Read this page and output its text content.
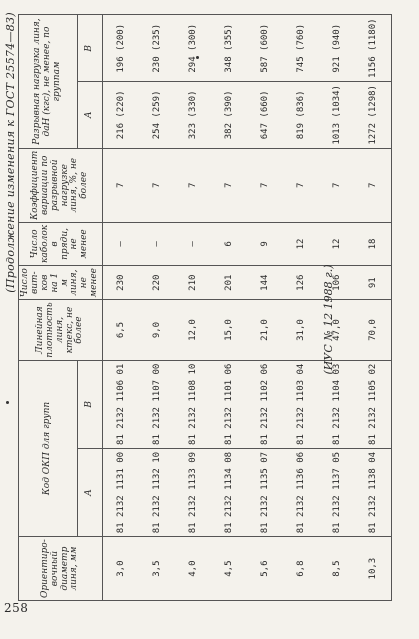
258
(Продолжение изменения к ГОСТ 25574—83)
Ориентиро-вочный диаметр линя, мм	Код ОКП для групп		Линейная плотность линя, ктекс, не более	Число вит-ков на 1 м линя, не менее	Число каболок в пряди, не менее	Коэффициент вариации по разрывной нагрузке линя, %, не более	Разрывная нагрузка линя, даН (кгс), не менее, по группам	
	А	В					А	В
3,0	81 2132 1131 00	81 2132 1106 01	6,5	230	—	7	216 (220)	196 (200)
3,5	81 2132 1132 10	81 2132 1107 00	9,0	220	—	7	254 (259)	230 (235)
4,0	81 2132 1133 09	81 2132 1108 10	12,0	210	—	7	323 (330)	294 (300)
4,5	81 2132 1134 08	81 2132 1101 06	15,0	201	6	7	382 (390)	348 (355)
5,6	81 2132 1135 07	81 2132 1102 06	21,0	144	9	7	647 (660)	587 (600)
6,8	81 2132 1136 06	81 2132 1103 04	31,0	126	12	7	819 (836)	745 (760)
8,5	81 2132 1137 05	81 2132 1104 03	47,0	106	12	7	1013 (1034)	921 (940)
10,3	81 2132 1138 04	81 2132 1105 02	70,0	91	18	7	1272 (1298)	1156 (1180)
(ИУС № 12 1988 г.)
